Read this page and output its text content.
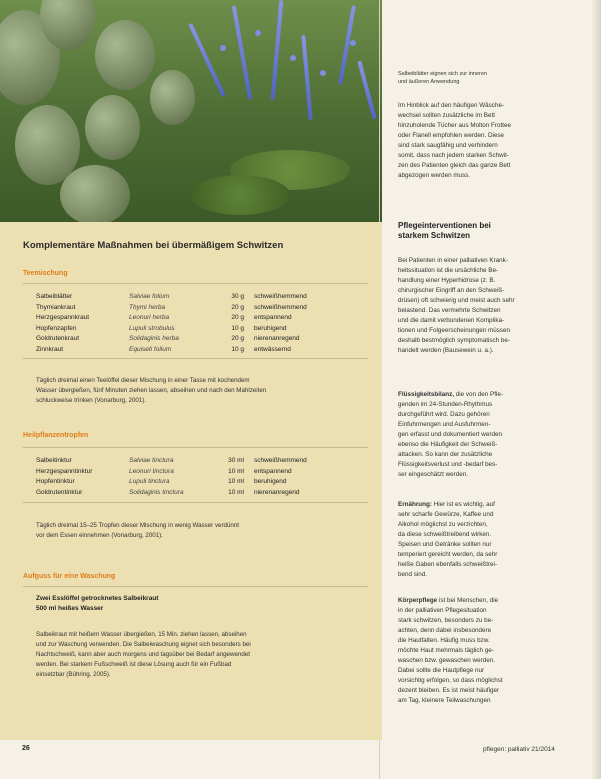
Salbeiblätter eignen sich zur inneren
und äußeren Anwendung
Komplementäre Maßnahmen bei übermäßigem Schwitzen
Teemischung
Salbeiblätter	Salviae folium	30 g	schweißhemmend
Thymiankraut	Thymi herba	20 g	schweißhemmend
Herzgespannkraut	Leonuri herba	20 g	entspannend
Hopfenzapfen	Lupuli strobulus	10 g	beruhigend
Goldrutenkraut	Solidaginis herba	20 g	nierenanregend
Zinnkraut	Equiseti folium	10 g	entwässernd
Täglich dreimal einen Teelöffel dieser Mischung in einer Tasse mit kochendem
Wasser übergießen, fünf Minuten ziehen lassen, abseihen und nach den Mahlzeiten
schluckweise trinken (Vonarburg, 2001).
Heilpflanzentropfen
Salbeitinktur	Salviae tinctura	30 ml	schweißhemmend
Herzgespanntinktur	Leonuri tinctura	10 ml	entspannend
Hopfentinktur	Lupuli tinctura	10 ml	beruhigend
Goldrutentinktur	Solidaginis tinctura	10 ml	nierenanregend
Täglich dreimal 15–25 Tropfen dieser Mischung in wenig Wasser verdünnt
vor dem Essen einnehmen (Vonarburg, 2001).
Aufguss für eine Waschung
Zwei Esslöffel getrocknetes Salbeikraut
500 ml heißes Wasser
Salbeikraut mit heißem Wasser übergießen, 15 Min. ziehen lassen, abseihen
und zur Waschung verwenden. Die Salbeiwaschung eignet sich besonders bei
Nachtschweiß, kann aber auch morgens und tagsüber bei Bedarf angewendet
werden. Bei starkem Fußschweiß ist diese Lösung auch für ein Fußbad
einsetzbar (Bühring, 2005).
Im Hinblick auf den häufigen Wäsche-
wechsel sollten zusätzliche im Bett
hinzuholende Tücher aus Molton Frottee
oder Flanell empfohlen werden. Diese
sind stark saugfähig und verhindern
somit, dass nach jedem starken Schwit-
zen des Patienten gleich das ganze Bett
abgezogen werden muss.
Pflegeinterventionen bei
starkem Schwitzen
Bei Patienten in einer palliativen Krank-
heitssituation ist die ursächliche Be-
handlung einer Hyperhidrose (z. B.
chirurgischer Eingriff an den Schweiß-
drüsen) oft schwierig und meist auch sehr
belastend. Das vermehrte Schwitzen
und die damit verbundenen Komplika-
tionen und Folgeerscheinungen müssen
deshalb bestmöglich symptomatisch be-
handelt werden (Bausewein u. a.).
Flüssigkeitsbilanz, die von den Pfle-
genden im 24-Stunden-Rhythmus
durchgeführt wird. Dazu gehören
Einfuhrmengen und Ausfuhrmen-
gen erfasst und dokumentiert werden
ebenso die Häufigkeit der Schweiß-
attacken. So kann der zusätzliche
Flüssigkeitsverlust und -bedarf bes-
ser eingeschätzt werden.
Ernährung: Hier ist es wichtig, auf
sehr scharfe Gewürze, Kaffee und
Alkohol möglichst zu verzichten,
da diese schweißtreibend wirken.
Speisen und Getränke sollten nur
temperiert gereicht werden, da sehr
heiße Gaben ebenfalls schweißtrei-
bend sind.
Körperpflege ist bei Menschen, die
in der palliativen Pflegesituation
stark schwitzen, besonders zu be-
achten, denn dabei insbesondere
die Hautfalten. Häufig muss bzw.
möchte Haut mehrmals täglich ge-
waschen bzw. gewaschen werden.
Dabei sollte die Hautpflege nur
vorsichtig erfolgen, so dass möglichst
dezent bleiben. Es ist meist häufiger
am Tag, kleinere Teilwaschungen
26	pflegen: palliativ 21/2014
